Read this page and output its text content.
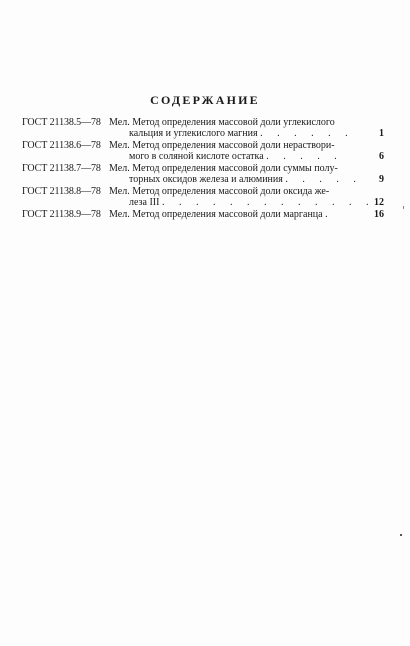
СОДЕРЖАНИЕ
ГОСТ 21138.5—78 Мел. Метод определения массовой доли углекислого
кальция и углекислого магния . . . . . .	1
ГОСТ 21138.6—78 Мел. Метод определения массовой доли нераствори-
мого в соляной кислоте остатка . . . . .	6
ГОСТ 21138.7—78 Мел. Метод определения массовой доли суммы полу-
торных оксидов железа и алюминия . . . . .	9
ГОСТ 21138.8—78 Мел. Метод определения массовой доли оксида же-
леза III . . . . . . . . . . . . . 12
ГОСТ 21138.9—78 Мел. Метод определения массовой доли марганца .	16
